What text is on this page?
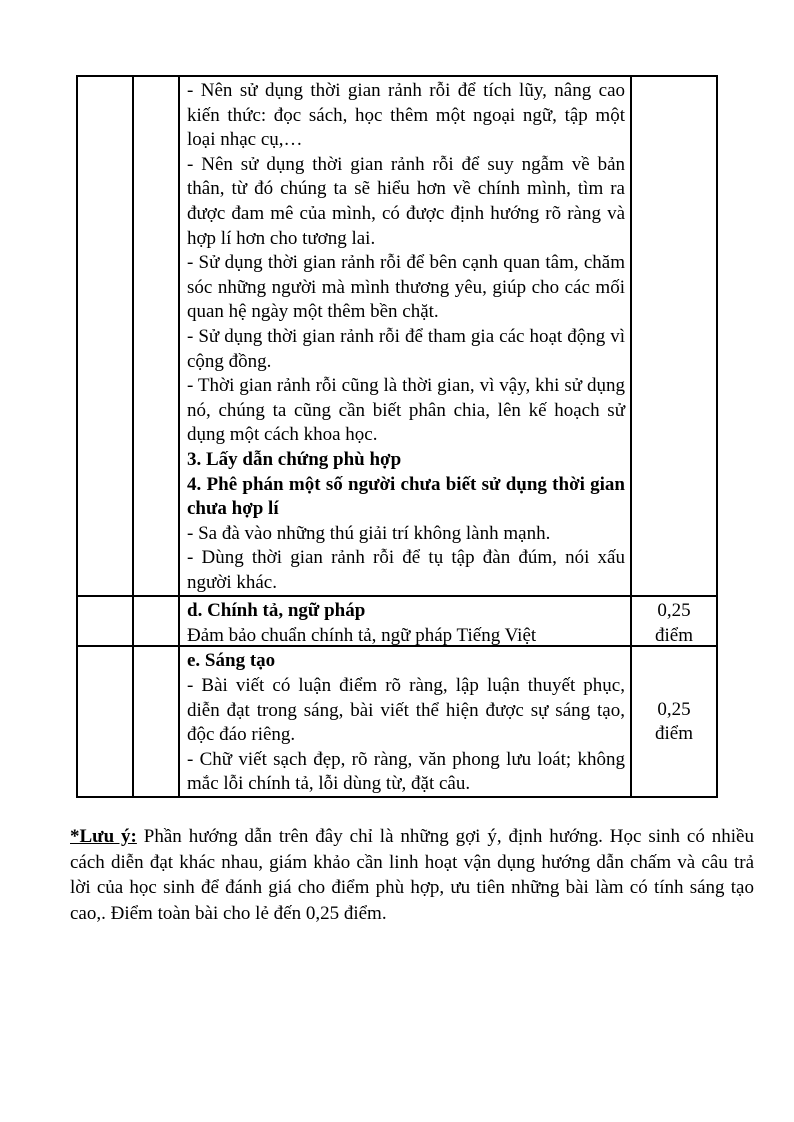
- Nên sử dụng thời gian rảnh rỗi để tích lũy, nâng cao kiến thức: đọc sách, học thêm một ngoại ngữ, tập một loại nhạc cụ,…

- Nên sử dụng thời gian rảnh rỗi để suy ngẫm về bản thân, từ đó chúng ta sẽ hiểu hơn về chính mình, tìm ra được đam mê của mình, có được định hướng rõ ràng và hợp lí hơn cho tương lai.

- Sử dụng thời gian rảnh rỗi để bên cạnh quan tâm, chăm sóc những người mà mình thương yêu, giúp cho các mối quan hệ ngày một thêm bền chặt.

- Sử dụng thời gian rảnh rỗi để tham gia các hoạt động vì cộng đồng.

- Thời gian rảnh rỗi cũng là thời gian, vì vậy, khi sử dụng nó, chúng ta cũng cần biết phân chia, lên kế hoạch sử dụng một cách khoa học.

3. Lấy dẫn chứng phù hợp

4. Phê phán một số người chưa biết sử dụng thời gian chưa hợp lí

- Sa đà vào những thú giải trí không lành mạnh.

- Dùng thời gian rảnh rỗi để tụ tập đàn đúm, nói xấu người khác.

d. Chính tả, ngữ pháp

Đảm bảo chuẩn chính tả, ngữ pháp Tiếng Việt

0,25
điểm

e. Sáng tạo

- Bài viết có luận điểm rõ ràng, lập luận thuyết phục, diễn đạt trong sáng, bài viết thể hiện được sự sáng tạo, độc đáo riêng.

- Chữ viết sạch đẹp, rõ ràng, văn phong lưu loát; không mắc lỗi chính tả, lỗi dùng từ, đặt câu.

0,25
điểm

*Lưu ý: Phần hướng dẫn trên đây chỉ là những gợi ý, định hướng. Học sinh có nhiều cách diễn đạt khác nhau, giám khảo cần linh hoạt vận dụng hướng dẫn chấm và câu trả lời của học sinh để đánh giá cho điểm phù hợp, ưu tiên những bài làm có tính sáng tạo cao,. Điểm toàn bài cho lẻ đến 0,25 điểm.
